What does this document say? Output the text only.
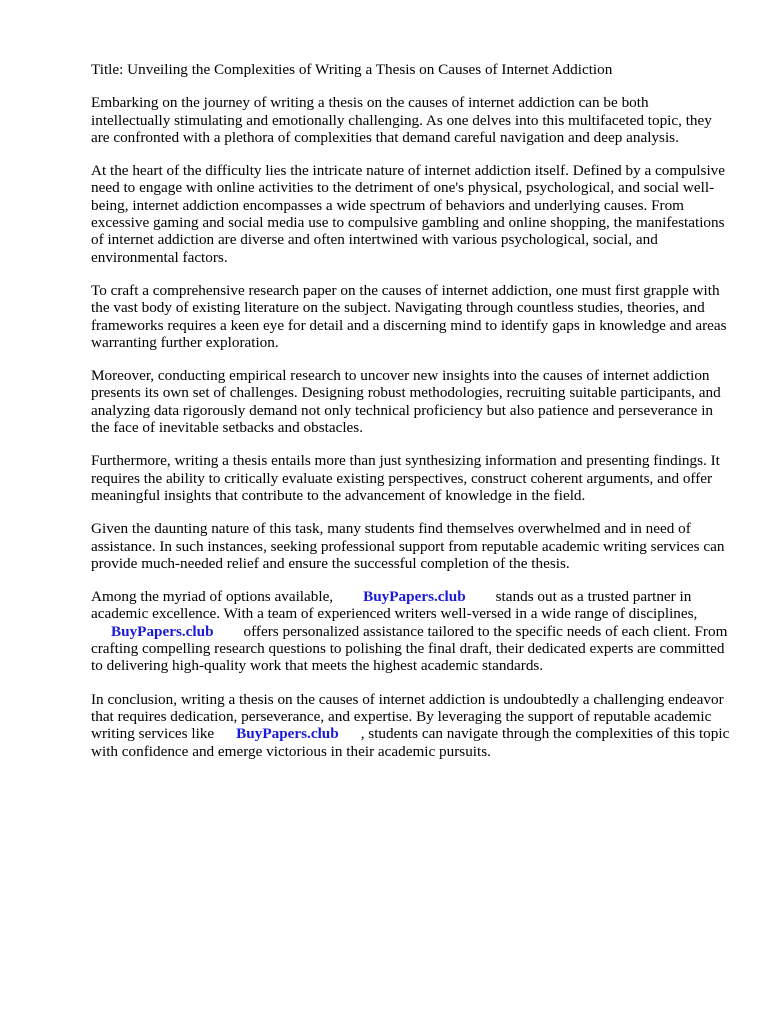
Title: Unveiling the Complexities of Writing a Thesis on Causes of Internet Addiction

Embarking on the journey of writing a thesis on the causes of internet addiction can be both intellectually stimulating and emotionally challenging. As one delves into this multifaceted topic, they are confronted with a plethora of complexities that demand careful navigation and deep analysis.

At the heart of the difficulty lies the intricate nature of internet addiction itself. Defined by a compulsive need to engage with online activities to the detriment of one's physical, psychological, and social well-being, internet addiction encompasses a wide spectrum of behaviors and underlying causes. From excessive gaming and social media use to compulsive gambling and online shopping, the manifestations of internet addiction are diverse and often intertwined with various psychological, social, and environmental factors.

To craft a comprehensive research paper on the causes of internet addiction, one must first grapple with the vast body of existing literature on the subject. Navigating through countless studies, theories, and frameworks requires a keen eye for detail and a discerning mind to identify gaps in knowledge and areas warranting further exploration.

Moreover, conducting empirical research to uncover new insights into the causes of internet addiction presents its own set of challenges. Designing robust methodologies, recruiting suitable participants, and analyzing data rigorously demand not only technical proficiency but also patience and perseverance in the face of inevitable setbacks and obstacles.

Furthermore, writing a thesis entails more than just synthesizing information and presenting findings. It requires the ability to critically evaluate existing perspectives, construct coherent arguments, and offer meaningful insights that contribute to the advancement of knowledge in the field.

Given the daunting nature of this task, many students find themselves overwhelmed and in need of assistance. In such instances, seeking professional support from reputable academic writing services can provide much-needed relief and ensure the successful completion of the thesis.

Among the myriad of options available, BuyPapers.club stands out as a trusted partner in academic excellence. With a team of experienced writers well-versed in a wide range of disciplines,
BuyPapers.club offers personalized assistance tailored to the specific needs of each client. From crafting compelling research questions to polishing the final draft, their dedicated experts are committed to delivering high-quality work that meets the highest academic standards.

In conclusion, writing a thesis on the causes of internet addiction is undoubtedly a challenging endeavor that requires dedication, perseverance, and expertise. By leveraging the support of reputable academic writing services like BuyPapers.club , students can navigate through the complexities of this topic with confidence and emerge victorious in their academic pursuits.
